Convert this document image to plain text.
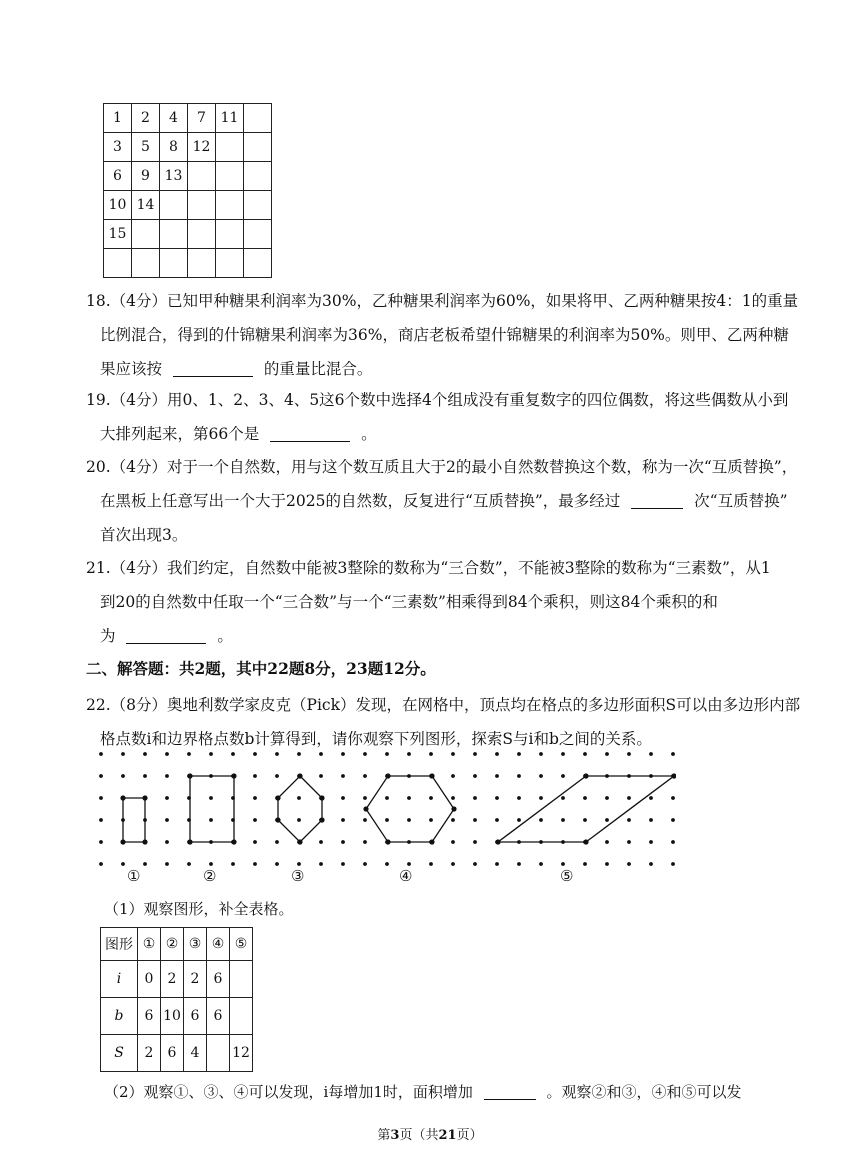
1	2	4	7	11	
3	5	8	12		
6	9	13			
10	14				
15					

18.（4分）已知甲种糖果利润率为30%，乙种糖果利润率为60%，如果将甲、乙两种糖果按4：1的重量
比例混合，得到的什锦糖果利润率为36%，商店老板希望什锦糖果的利润率为50%。则甲、乙两种糖
果应该按	的重量比混合。
19.（4分）用0、1、2、3、4、5这6个数中选择4个组成没有重复数字的四位偶数，将这些偶数从小到
大排列起来，第66个是	。
20.（4分）对于一个自然数，用与这个数互质且大于2的最小自然数替换这个数，称为一次“互质替换”，
在黑板上任意写出一个大于2025的自然数，反复进行“互质替换”，最多经过	次“互质替换”
首次出现3。
21.（4分）我们约定，自然数中能被3整除的数称为“三合数”，不能被3整除的数称为“三素数”，从1
到20的自然数中任取一个“三合数”与一个“三素数”相乘得到84个乘积，则这84个乘积的和
为	。
二、解答题：共2题，其中22题8分，23题12分。
22.（8分）奥地利数学家皮克（Pick）发现，在网格中，顶点均在格点的多边形面积S可以由多边形内部
格点数i和边界格点数b计算得到，请你观察下列图形，探索S与i和b之间的关系。
①	②	③	④	⑤
（1）观察图形，补全表格。
图形	①	②	③	④	⑤
i	0	2	2	6	
b	6	10	6	6	
S	2	6	4		12
（2）观察①、③、④可以发现，i每增加1时，面积增加	。观察②和③，④和⑤可以发
第3页（共21页）
